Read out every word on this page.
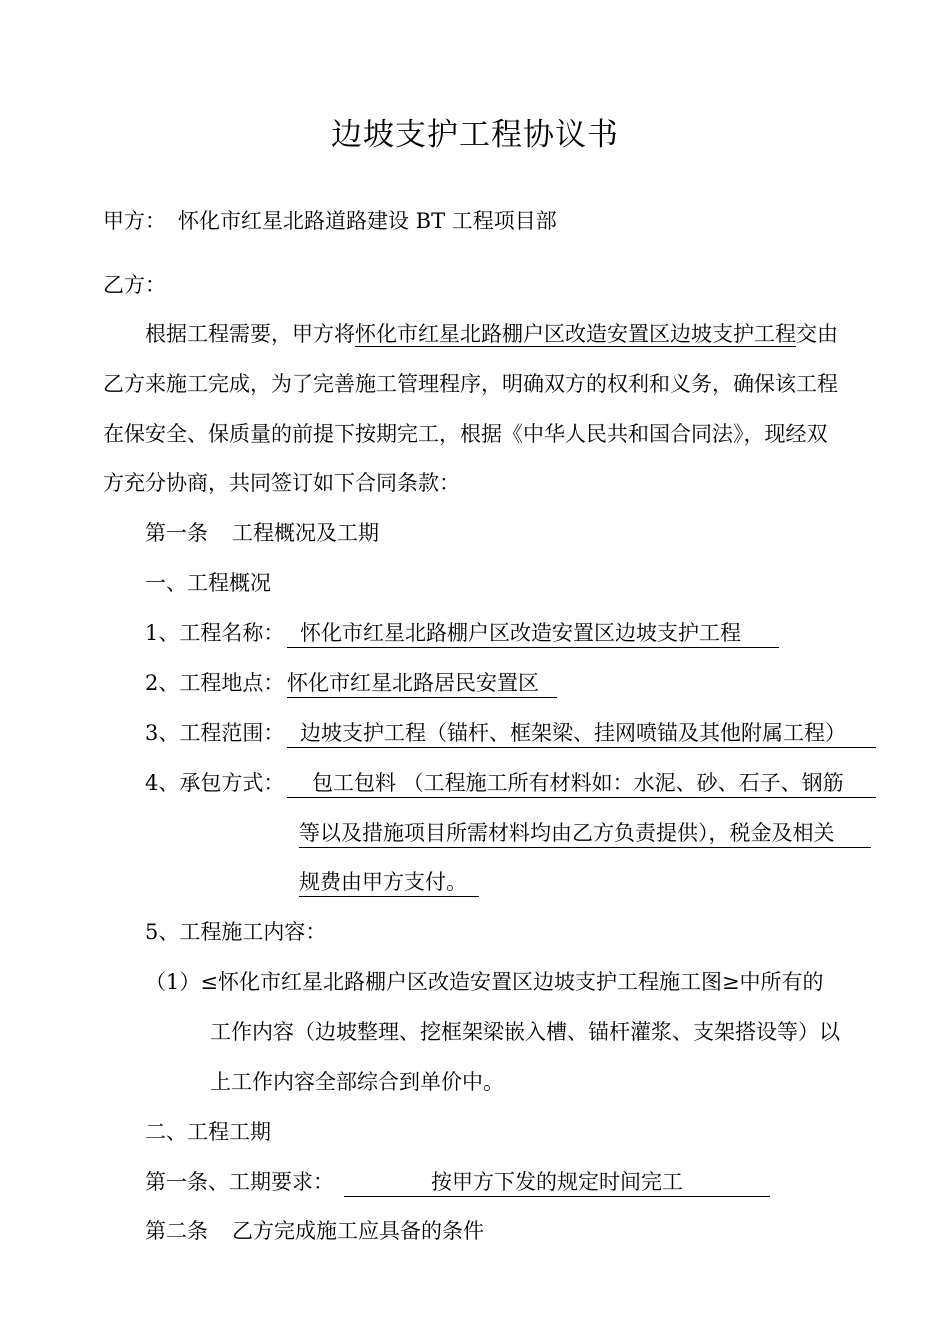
边坡支护工程协议书
甲方： 怀化市红星北路道路建设 BT 工程项目部
乙方：
根据工程需要，甲方将怀化市红星北路棚户区改造安置区边坡支护工程交由
乙方来施工完成，为了完善施工管理程序，明确双方的权利和义务，确保该工程
在保安全、保质量的前提下按期完工，根据《中华人民共和国合同法》，现经双
方充分协商，共同签订如下合同条款：
第一条 工程概况及工期
一、工程概况
1、工程名称： 怀化市红星北路棚户区改造安置区边坡支护工程
2、工程地点： 怀化市红星北路居民安置区
3、工程范围： 边坡支护工程（锚杆、框架梁、挂网喷锚及其他附属工程）
4、承包方式：	包工包料 （工程施工所有材料如：水泥、砂、石子、钢筋
等以及措施项目所需材料均由乙方负责提供），税金及相关
规费由甲方支付。
5、工程施工内容：
（1）≤怀化市红星北路棚户区改造安置区边坡支护工程施工图≥中所有的
工作内容（边坡整理、挖框架梁嵌入槽、锚杆灌浆、支架搭设等）以
上工作内容全部综合到单价中。
二、工程工期
第一条、工期要求：	按甲方下发的规定时间完工
第二条 乙方完成施工应具备的条件
